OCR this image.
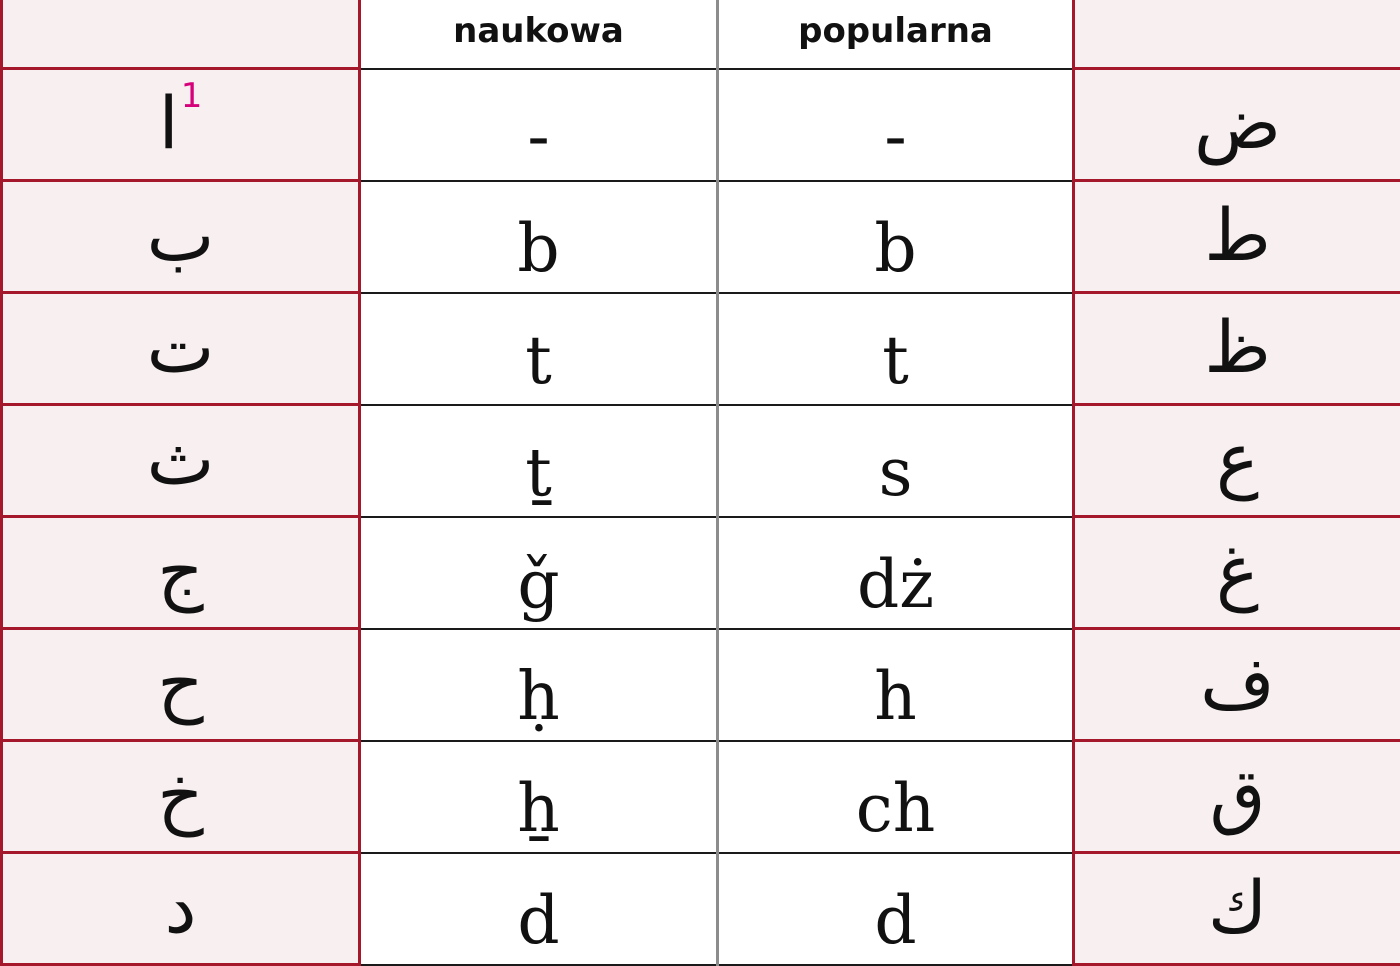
	naukowa	popularna	
ا$^1$	-	-	ض
ب	b	b	ط
ت	t	t	ظ
ث	ṯ	s	ع
ج	ǧ	dż	غ
ح	ḥ	h	ف
خ	ẖ	ch	ق
د	d	d	ك
